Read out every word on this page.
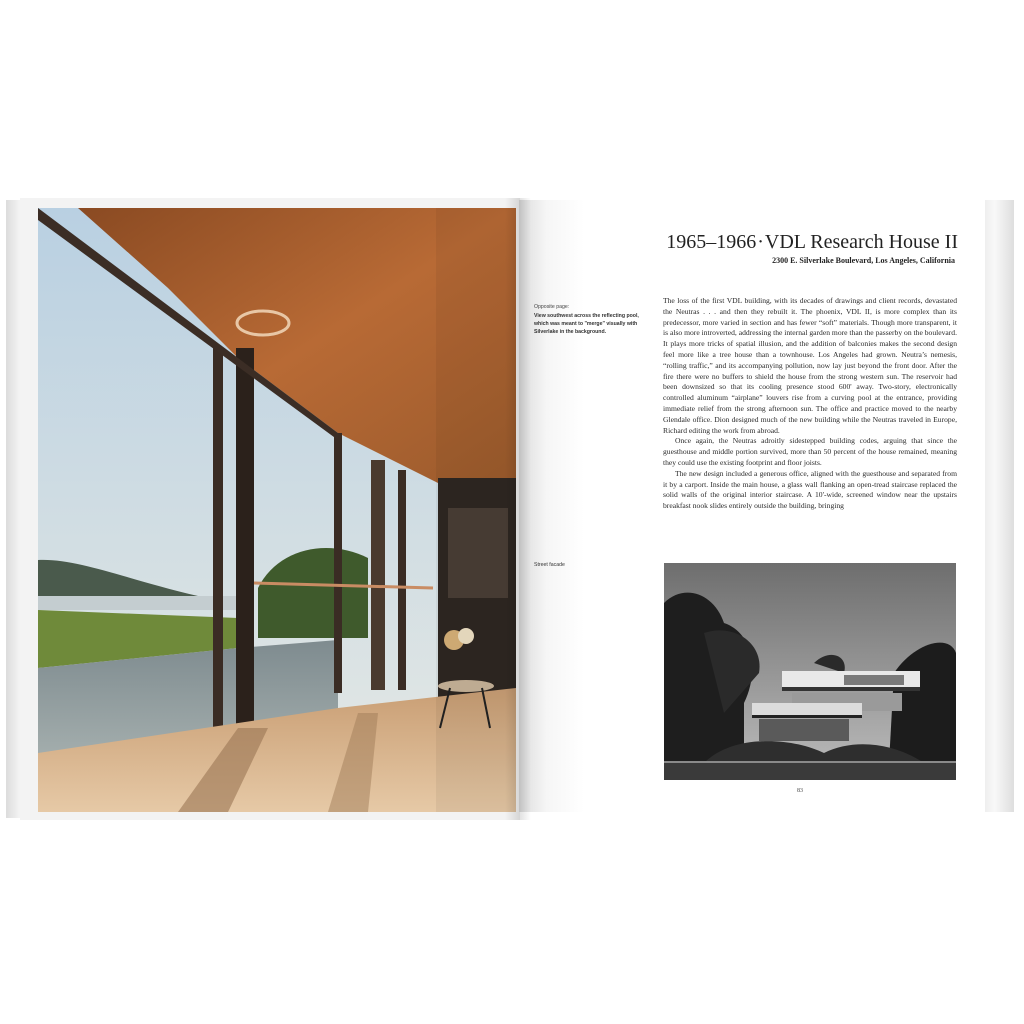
1965–1966·VDL Research House II
2300 E. Silverlake Boulevard, Los Angeles, California
Opposite page:
View southwest across the reflecting pool, which was meant to "merge" visually with Silverlake in the background.
Street facade

The loss of the first VDL building, with its decades of drawings and client records, devastated the Neutras . . . and then they rebuilt it. The phoenix, VDL II, is more complex than its predecessor, more varied in section and has fewer “soft” materials. Though more transparent, it is also more introverted, addressing the internal garden more than the passerby on the boulevard. It plays more tricks of spatial illusion, and the addition of balconies makes the second design feel more like a tree house than a townhouse. Los Angeles had grown. Neutra’s nemesis, “rolling traffic,” and its accompanying pollution, now lay just beyond the front door. After the fire there were no buffers to shield the house from the strong western sun. The reservoir had been downsized so that its cooling presence stood 600' away. Two-story, electronically controlled aluminum “airplane” louvers rise from a curving pool at the entrance, providing immediate relief from the strong afternoon sun. The office and practice moved to the nearby Glendale office. Dion designed much of the new building while the Neutras traveled in Europe, Richard editing the work from abroad.

Once again, the Neutras adroitly sidestepped building codes, arguing that since the guesthouse and middle portion survived, more than 50 percent of the house remained, meaning they could use the existing footprint and floor joists.

The new design included a generous office, aligned with the guesthouse and separated from it by a carport. Inside the main house, a glass wall flanking an open-tread staircase replaced the solid walls of the original interior staircase. A 10'-wide, screened window near the upstairs breakfast nook slides entirely outside the building, bringing

83
